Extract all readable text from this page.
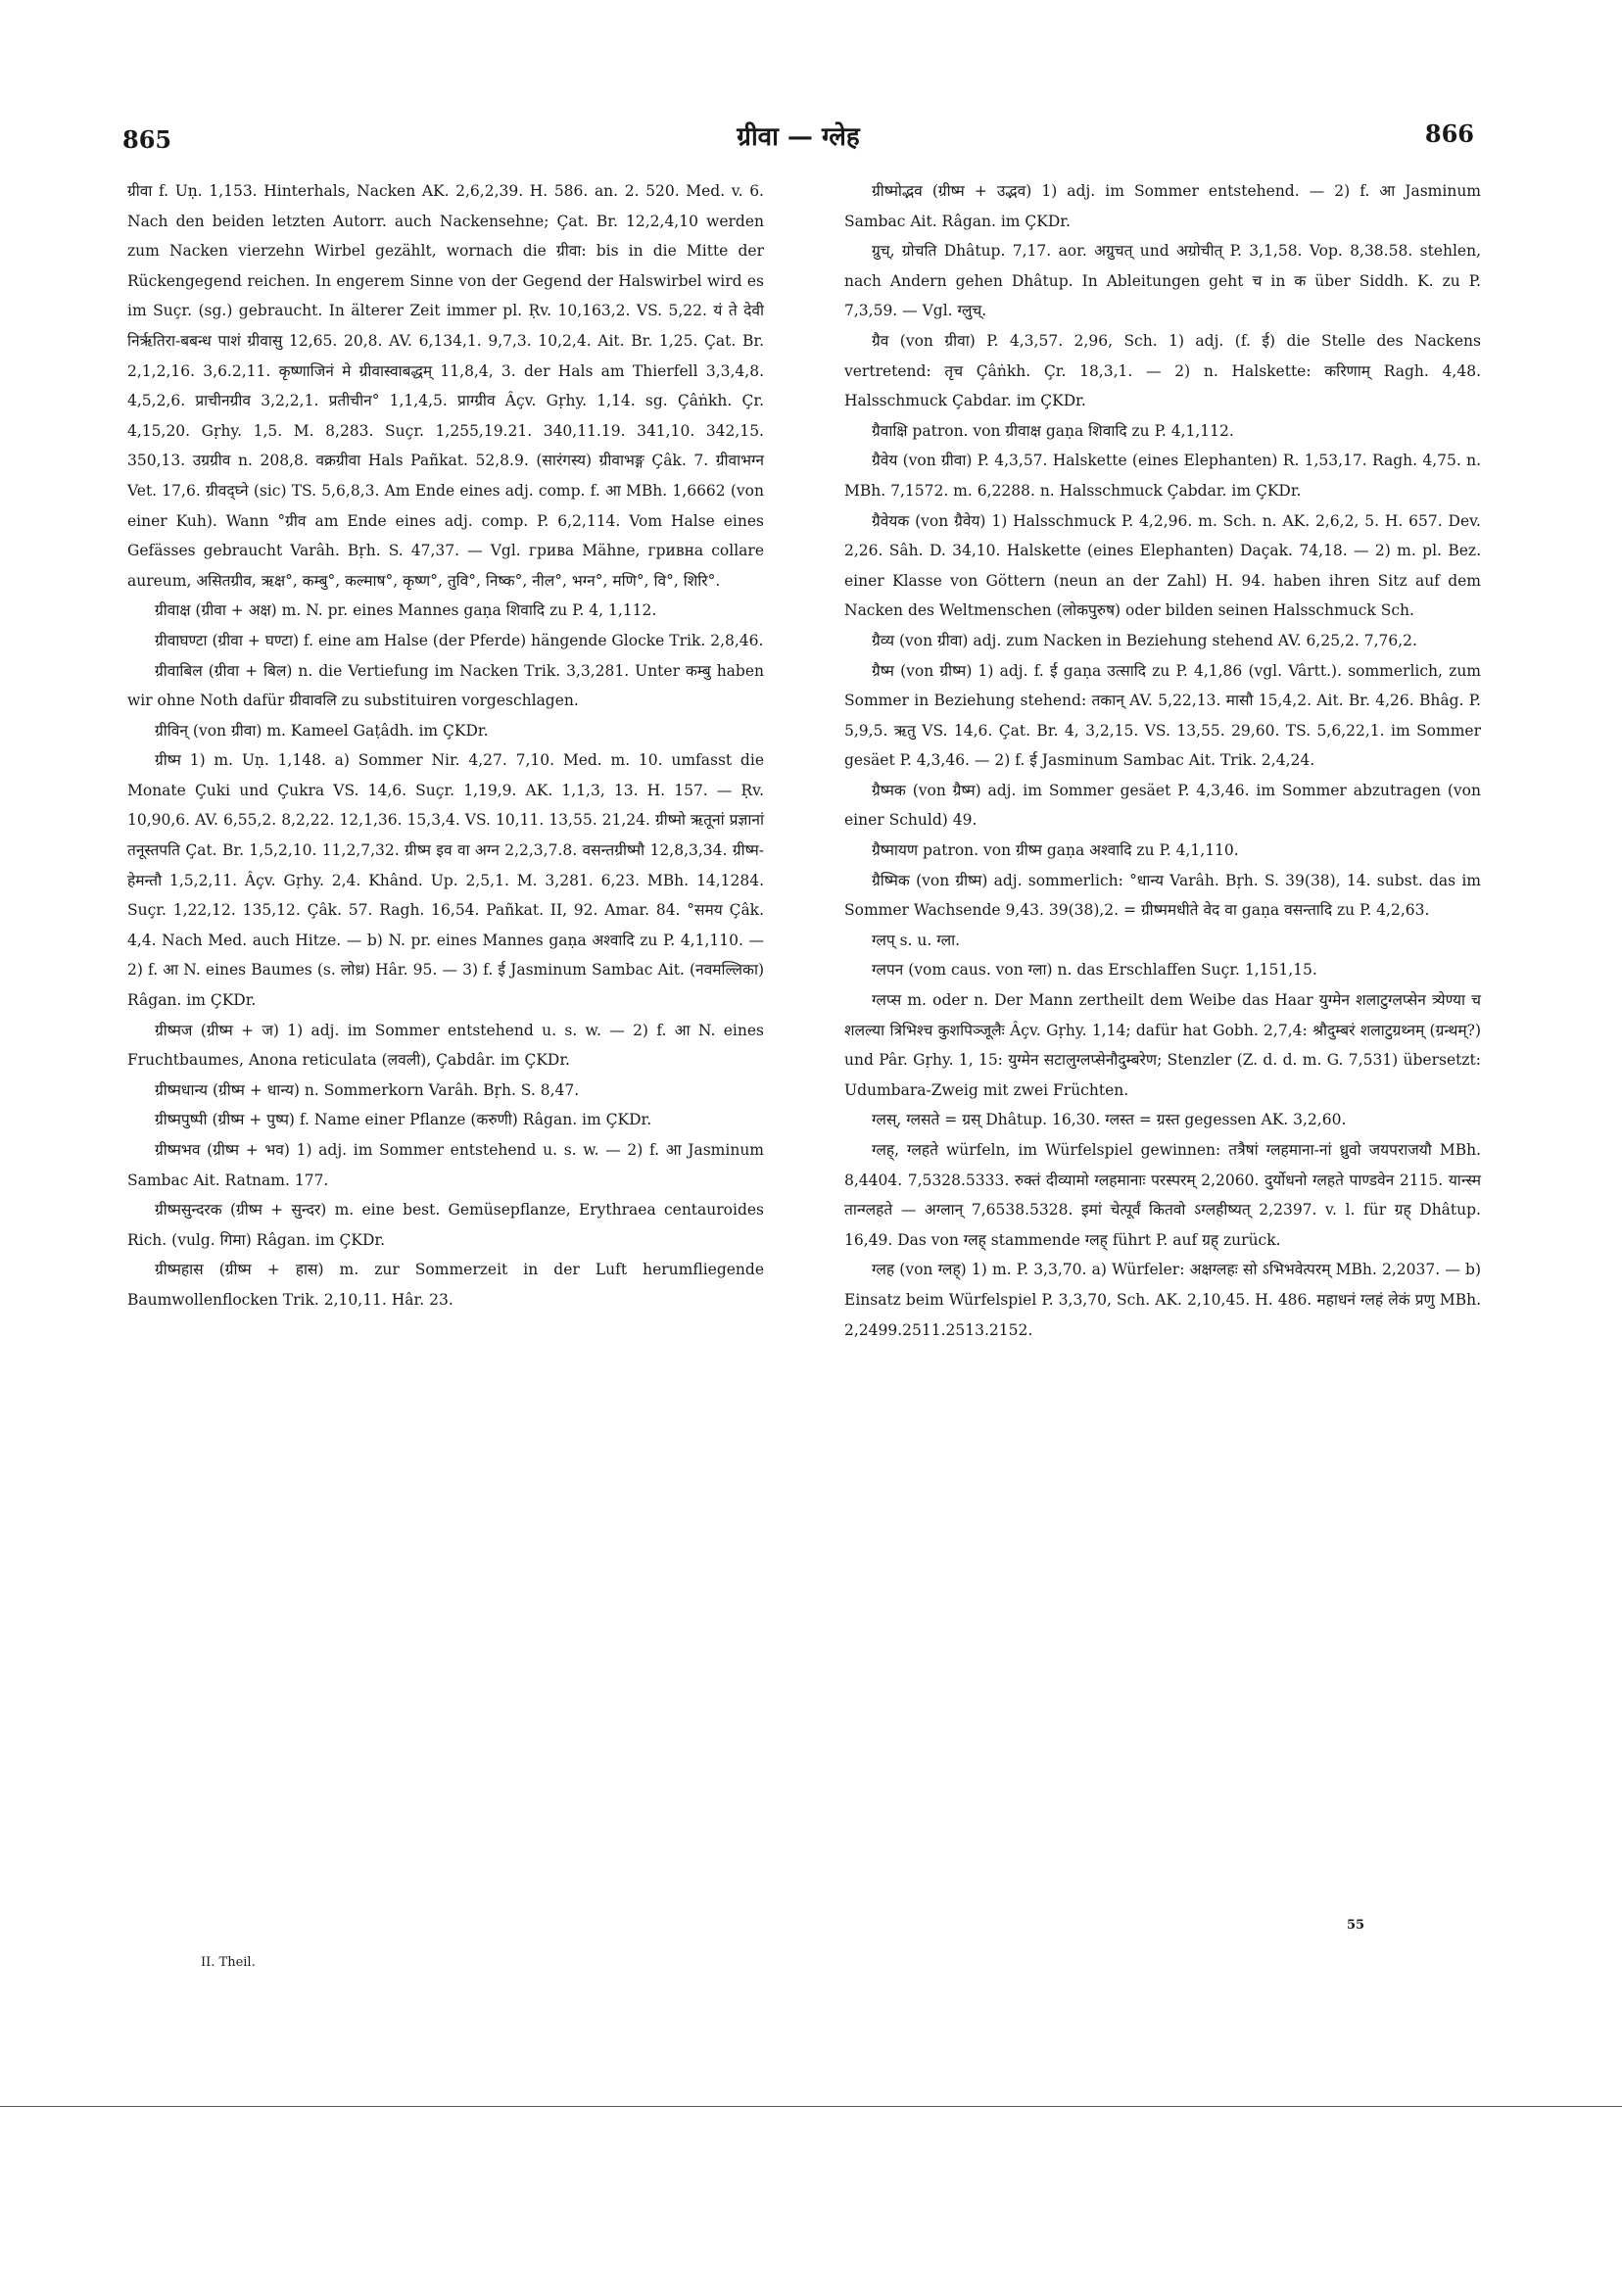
865	ग्रीवा — ग्लेह	866

ग्रीवा f. Uṇ. 1,153. Hinterhals, Nacken AK. 2,6,2,39. H. 586. an. 2. 520. Med. v. 6. Nach den beiden letzten Autorr. auch Nackensehne; Çat. Br. 12,2,4,10 werden zum Nacken vierzehn Wirbel gezählt, wornach die ग्रीवा: bis in die Mitte der Rückengegend reichen. In engerem Sinne von der Gegend der Halswirbel wird es im Suçr. (sg.) gebraucht. In älterer Zeit immer pl. Ṛv. 10,163,2. VS. 5,22. यं ते देवी निर्ऋतिरा-बबन्ध पाशं ग्रीवासु 12,65. 20,8. AV. 6,134,1. 9,7,3. 10,2,4. Ait. Br. 1,25. Çat. Br. 2,1,2,16. 3,6.2,11. कृष्णाजिनं मे ग्रीवास्वाबद्धम् 11,8,4, 3. der Hals am Thierfell 3,3,4,8. 4,5,2,6. प्राचीनग्रीव 3,2,2,1. प्रतीचीन° 1,1,4,5. प्राग्ग्रीव Âçv. Gṛhy. 1,14. sg. Çâṅkh. Çr. 4,15,20. Gṛhy. 1,5. M. 8,283. Suçr. 1,255,19.21. 340,11.19. 341,10. 342,15. 350,13. उग्रग्रीव n. 208,8. वक्रग्रीवा Hals Pañkat. 52,8.9. (सारंगस्य) ग्रीवाभङ्ग Çâk. 7. ग्रीवाभग्न Vet. 17,6. ग्रीवद्घ्ने (sic) TS. 5,6,8,3. Am Ende eines adj. comp. f. आ MBh. 1,6662 (von einer Kuh). Wann °ग्रीव am Ende eines adj. comp. P. 6,2,114. Vom Halse eines Gefässes gebraucht Varâh. Bṛh. S. 47,37. — Vgl. грива Mähne, гривна collare aureum, असितग्रीव, ऋक्ष°, कम्बु°, कल्माष°, कृष्ण°, तुवि°, निष्क°, नील°, भग्न°, मणि°, वि°, शिरि°.

ग्रीवाक्ष (ग्रीवा + अक्ष) m. N. pr. eines Mannes gaṇa शिवादि zu P. 4, 1,112.

ग्रीवाघण्टा (ग्रीवा + घण्टा) f. eine am Halse (der Pferde) hängende Glocke Trik. 2,8,46.

ग्रीवाबिल (ग्रीवा + बिल) n. die Vertiefung im Nacken Trik. 3,3,281. Unter कम्बु haben wir ohne Noth dafür ग्रीवावलि zu substituiren vorgeschlagen.

ग्रीविन् (von ग्रीवा) m. Kameel Gaṭâdh. im ÇKDr.

ग्रीष्म 1) m. Uṇ. 1,148. a) Sommer Nir. 4,27. 7,10. Med. m. 10. umfasst die Monate Çuki und Çukra VS. 14,6. Suçr. 1,19,9. AK. 1,1,3, 13. H. 157. — Ṛv. 10,90,6. AV. 6,55,2. 8,2,22. 12,1,36. 15,3,4. VS. 10,11. 13,55. 21,24. ग्रीष्मो ऋतूनां प्रज्ञानां तनूस्तपति Çat. Br. 1,5,2,10. 11,2,7,32. ग्रीष्म इव वा अग्न 2,2,3,7.8. वसन्तग्रीष्मौ 12,8,3,34. ग्रीष्म-हेमन्तौ 1,5,2,11. Âçv. Gṛhy. 2,4. Khând. Up. 2,5,1. M. 3,281. 6,23. MBh. 14,1284. Suçr. 1,22,12. 135,12. Çâk. 57. Ragh. 16,54. Pañkat. II, 92. Amar. 84. °समय Çâk. 4,4. Nach Med. auch Hitze. — b) N. pr. eines Mannes gaṇa अश्वादि zu P. 4,1,110. — 2) f. आ N. eines Baumes (s. लोध्र) Hâr. 95. — 3) f. ई Jasminum Sambac Ait. (नवमल्लिका) Râgan. im ÇKDr.

ग्रीष्मज (ग्रीष्म + ज) 1) adj. im Sommer entstehend u. s. w. — 2) f. आ N. eines Fruchtbaumes, Anona reticulata (लवली), Çabdâr. im ÇKDr.

ग्रीष्मधान्य (ग्रीष्म + धान्य) n. Sommerkorn Varâh. Bṛh. S. 8,47.

ग्रीष्मपुष्पी (ग्रीष्म + पुष्प) f. Name einer Pflanze (करुणी) Râgan. im ÇKDr.

ग्रीष्मभव (ग्रीष्म + भव) 1) adj. im Sommer entstehend u. s. w. — 2) f. आ Jasminum Sambac Ait. Ratnam. 177.

ग्रीष्मसुन्दरक (ग्रीष्म + सुन्दर) m. eine best. Gemüsepflanze, Erythraea centauroides Rich. (vulg. गिमा) Râgan. im ÇKDr.

ग्रीष्महास (ग्रीष्म + हास) m. zur Sommerzeit in der Luft herumfliegende Baumwollenflocken Trik. 2,10,11. Hâr. 23.

ग्रीष्मोद्भव (ग्रीष्म + उद्भव) 1) adj. im Sommer entstehend. — 2) f. आ Jasminum Sambac Ait. Râgan. im ÇKDr.

ग्रुच्, ग्रोचति Dhâtup. 7,17. aor. अग्रुचत् und अग्रोचीत् P. 3,1,58. Vop. 8,38.58. stehlen, nach Andern gehen Dhâtup. In Ableitungen geht च in क über Siddh. K. zu P. 7,3,59. — Vgl. ग्लुच्.

ग्रैव (von ग्रीवा) P. 4,3,57. 2,96, Sch. 1) adj. (f. ई) die Stelle des Nackens vertretend: तृच Çâṅkh. Çr. 18,3,1. — 2) n. Halskette: करिणाम् Ragh. 4,48. Halsschmuck Çabdar. im ÇKDr.

ग्रैवाक्षि patron. von ग्रीवाक्ष gaṇa शिवादि zu P. 4,1,112.

ग्रैवेय (von ग्रीवा) P. 4,3,57. Halskette (eines Elephanten) R. 1,53,17. Ragh. 4,75. n. MBh. 7,1572. m. 6,2288. n. Halsschmuck Çabdar. im ÇKDr.

ग्रैवेयक (von ग्रैवेय) 1) Halsschmuck P. 4,2,96. m. Sch. n. AK. 2,6,2, 5. H. 657. Dev. 2,26. Sâh. D. 34,10. Halskette (eines Elephanten) Daçak. 74,18. — 2) m. pl. Bez. einer Klasse von Göttern (neun an der Zahl) H. 94. haben ihren Sitz auf dem Nacken des Weltmenschen (लोकपुरुष) oder bilden seinen Halsschmuck Sch.

ग्रैव्य (von ग्रीवा) adj. zum Nacken in Beziehung stehend AV. 6,25,2. 7,76,2.

ग्रैष्म (von ग्रीष्म) 1) adj. f. ई gaṇa उत्सादि zu P. 4,1,86 (vgl. Vârtt.). sommerlich, zum Sommer in Beziehung stehend: तकान् AV. 5,22,13. मासौ 15,4,2. Ait. Br. 4,26. Bhâg. P. 5,9,5. ऋतु VS. 14,6. Çat. Br. 4, 3,2,15. VS. 13,55. 29,60. TS. 5,6,22,1. im Sommer gesäet P. 4,3,46. — 2) f. ई Jasminum Sambac Ait. Trik. 2,4,24.

ग्रैष्मक (von ग्रैष्म) adj. im Sommer gesäet P. 4,3,46. im Sommer abzutragen (von einer Schuld) 49.

ग्रैष्मायण patron. von ग्रीष्म gaṇa अश्वादि zu P. 4,1,110.

ग्रैष्मिक (von ग्रीष्म) adj. sommerlich: °धान्य Varâh. Bṛh. S. 39(38), 14. subst. das im Sommer Wachsende 9,43. 39(38),2. = ग्रीष्ममधीते वेद वा gaṇa वसन्तादि zu P. 4,2,63.

ग्लप् s. u. ग्ला.

ग्लपन (vom caus. von ग्ला) n. das Erschlaffen Suçr. 1,151,15.

ग्लप्स m. oder n. Der Mann zertheilt dem Weibe das Haar युग्मेन शलाटुग्लप्सेन त्र्येण्या च शलल्या त्रिभिश्च कुशपिञ्जूलैः Âçv. Gṛhy. 1,14; dafür hat Gobh. 2,7,4: श्रौदुम्बरं शलाटुग्रथ्नम् (ग्रन्थम्?) und Pâr. Gṛhy. 1, 15: युग्मेन सटालुग्लप्सेनौदुम्बरेण; Stenzler (Z. d. d. m. G. 7,531) übersetzt: Udumbara-Zweig mit zwei Früchten.

ग्लस्, ग्लसते = ग्रस् Dhâtup. 16,30. ग्लस्त = ग्रस्त gegessen AK. 3,2,60.

ग्लह्, ग्लहते würfeln, im Würfelspiel gewinnen: तत्रैषां ग्लहमाना-नां ध्रुवो जयपराजयौ MBh. 8,4404. 7,5328.5333. रुक्तं दीव्यामो ग्लहमानाः परस्परम् 2,2060. दुर्योधनो ग्लहते पाण्डवेन 2115. यान्स्म तान्ग्लहते — अग्लान् 7,6538.5328. इमां चेत्पूर्वं कितवो ऽग्लहीष्यत् 2,2397. v. l. für ग्रह् Dhâtup. 16,49. Das von ग्लह् stammende ग्लह् führt P. auf ग्रह् zurück.

ग्लह (von ग्लह्) 1) m. P. 3,3,70. a) Würfeler: अक्षग्लहः सो ऽभिभवेत्परम् MBh. 2,2037. — b) Einsatz beim Würfelspiel P. 3,3,70, Sch. AK. 2,10,45. H. 486. महाधनं ग्लहं लेकं प्रणु MBh. 2,2499.2511.2513.2152.

II. Theil.
55
